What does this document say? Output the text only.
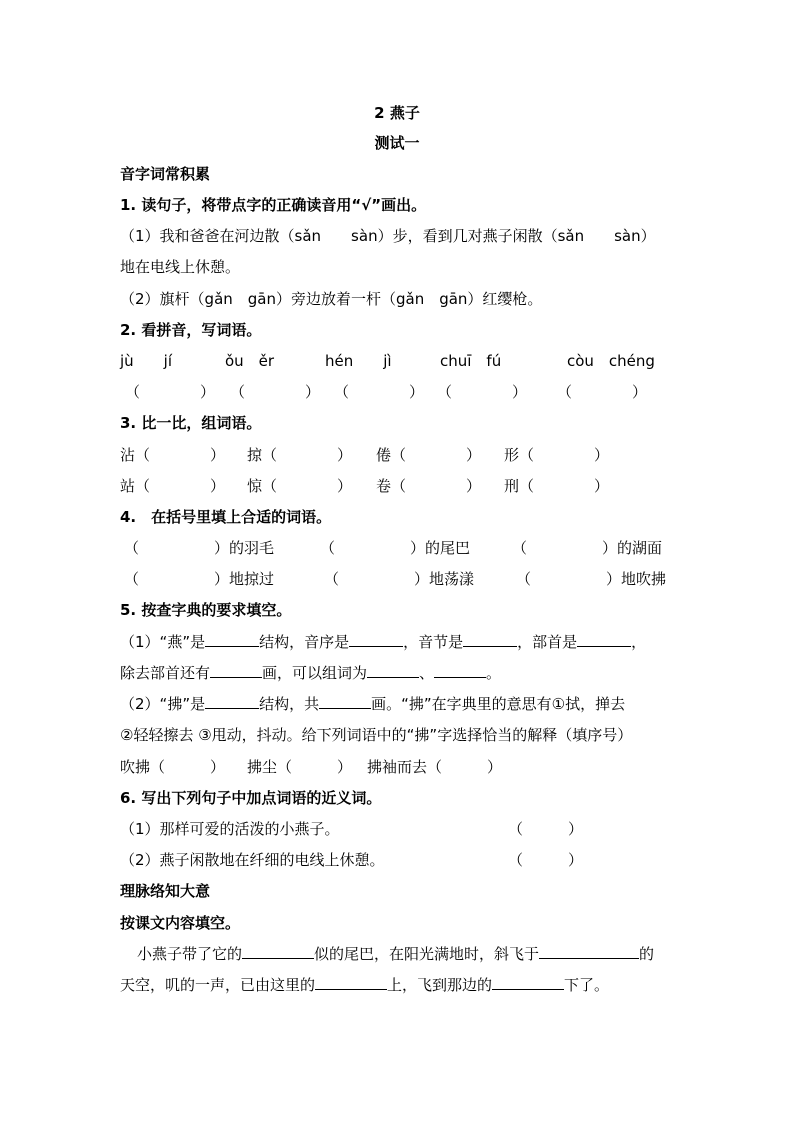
2 燕子
测试一
音字词常积累
1. 读句子，将带点字的正确读音用“√”画出。
（1）我和爸爸在河边散（sǎn　　sàn）步，看到几对燕子闲散（sǎn　　sàn）
地在电线上休憩。
（2）旗杆（gǎn　gān）旁边放着一杆（gǎn　gān）红缨枪。
2. 看拼音，写词语。
jù　　jí	ǒu　ěr	hén　　jì	chuī　fú	còu　chéng
（　　　　） （　　　　） （　　　　） （　　　　） （　　　　）
3. 比一比，组词语。
沾（　　　　） 掠（　　　　） 倦（　　　　） 形（　　　　）
站（　　　　） 惊（　　　　） 卷（　　　　） 刑（　　　　）
4.　在括号里填上合适的词语。
（　　　　　）的羽毛	（　　　　　）的尾巴	（　　　　　）的湖面
（　　　　　）地掠过	（　　　　　）地荡漾	（　　　　　）地吹拂
5. 按查字典的要求填空。
（1）“燕”是	结构，音序是	，音节是	，部首是	，
除去部首还有	画，可以组词为	、	。
（2）“拂”是	结构，共	画。“拂”在字典里的意思有①拭，掸去
②轻轻擦去 ③甩动，抖动。给下列词语中的“拂”字选择恰当的解释（填序号）
吹拂（　　　） 拂尘（　　　） 拂袖而去（　　　）
6. 写出下列句子中加点词语的近义词。
（1）那样可爱的活泼的小燕子。	（　　　）
（2）燕子闲散地在纤细的电线上休憩。	（　　　）
理脉络知大意
按课文内容填空。
小燕子带了它的	似的尾巴，在阳光满地时，斜飞于	的
天空，叽的一声，已由这里的	上，飞到那边的	下了。
